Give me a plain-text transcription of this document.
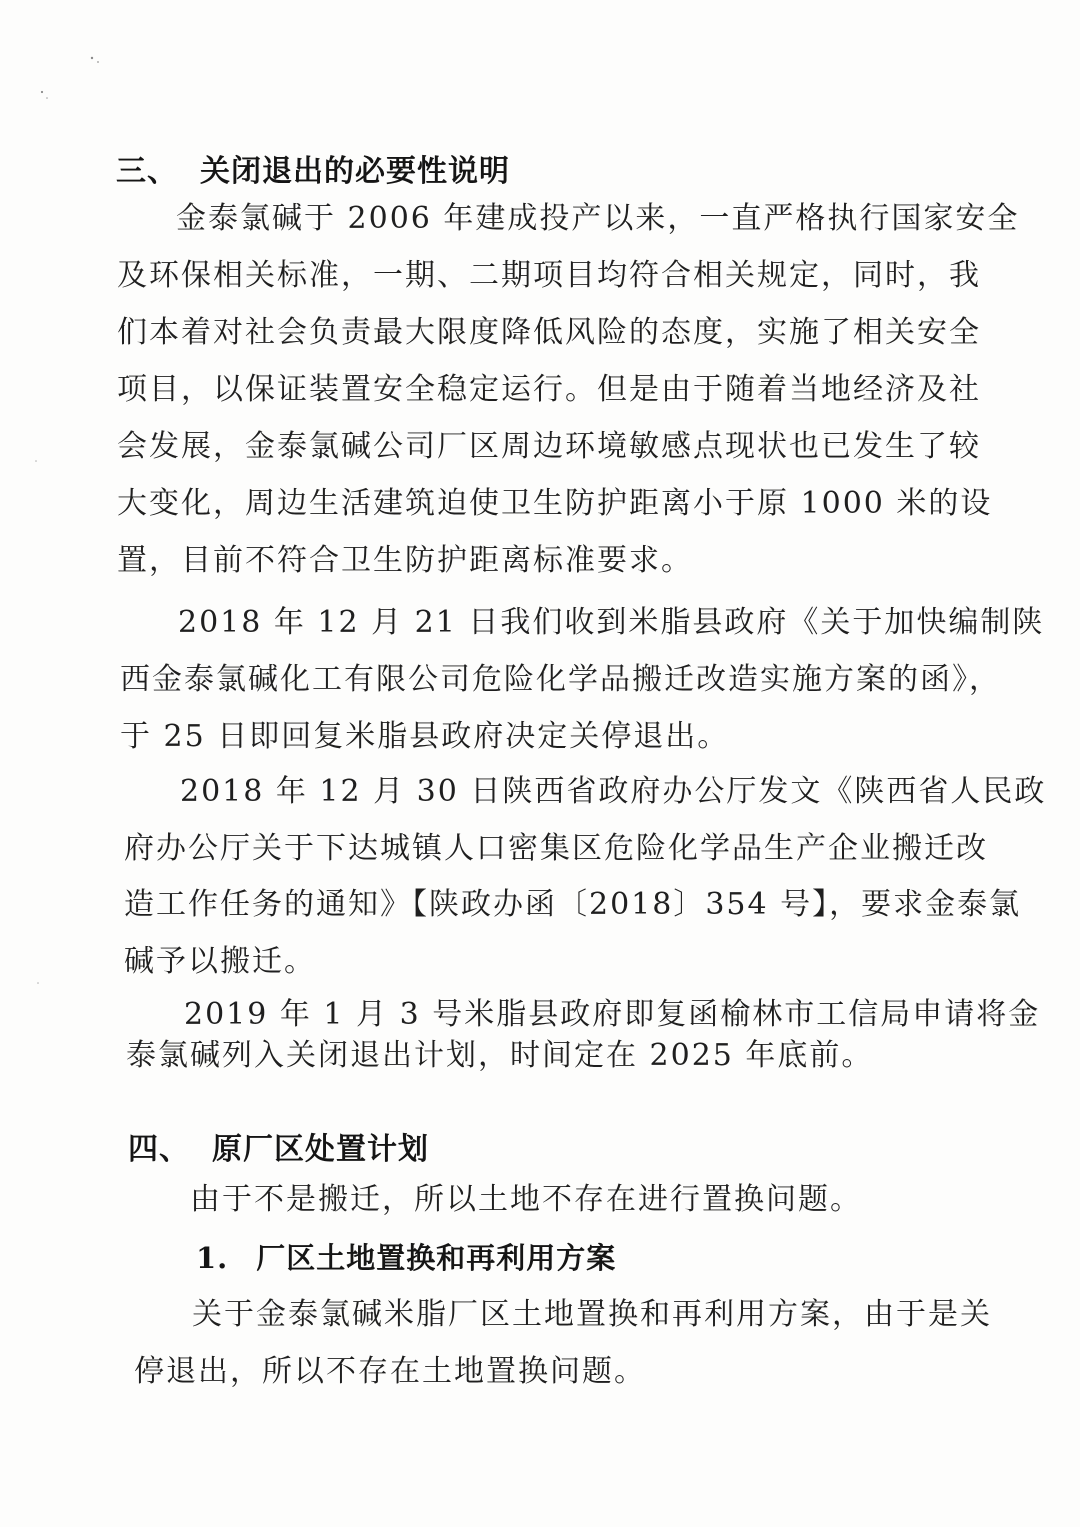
三、 关闭退出的必要性说明
金泰氯碱于 2006 年建成投产以来，一直严格执行国家安全
及环保相关标准，一期、二期项目均符合相关规定，同时，我
们本着对社会负责最大限度降低风险的态度，实施了相关安全
项目，以保证装置安全稳定运行。但是由于随着当地经济及社
会发展，金泰氯碱公司厂区周边环境敏感点现状也已发生了较
大变化，周边生活建筑迫使卫生防护距离小于原 1000 米的设
置，目前不符合卫生防护距离标准要求。
2018 年 12 月 21 日我们收到米脂县政府《关于加快编制陕
西金泰氯碱化工有限公司危险化学品搬迁改造实施方案的函》，
于 25 日即回复米脂县政府决定关停退出。
2018 年 12 月 30 日陕西省政府办公厅发文《陕西省人民政
府办公厅关于下达城镇人口密集区危险化学品生产企业搬迁改
造工作任务的通知》【陕政办函〔2018〕354 号】，要求金泰氯
碱予以搬迁。
2019 年 1 月 3 号米脂县政府即复函榆林市工信局申请将金
泰氯碱列入关闭退出计划，时间定在 2025 年底前。
四、 原厂区处置计划
由于不是搬迁，所以土地不存在进行置换问题。
1. 厂区土地置换和再利用方案
关于金泰氯碱米脂厂区土地置换和再利用方案，由于是关
停退出，所以不存在土地置换问题。
